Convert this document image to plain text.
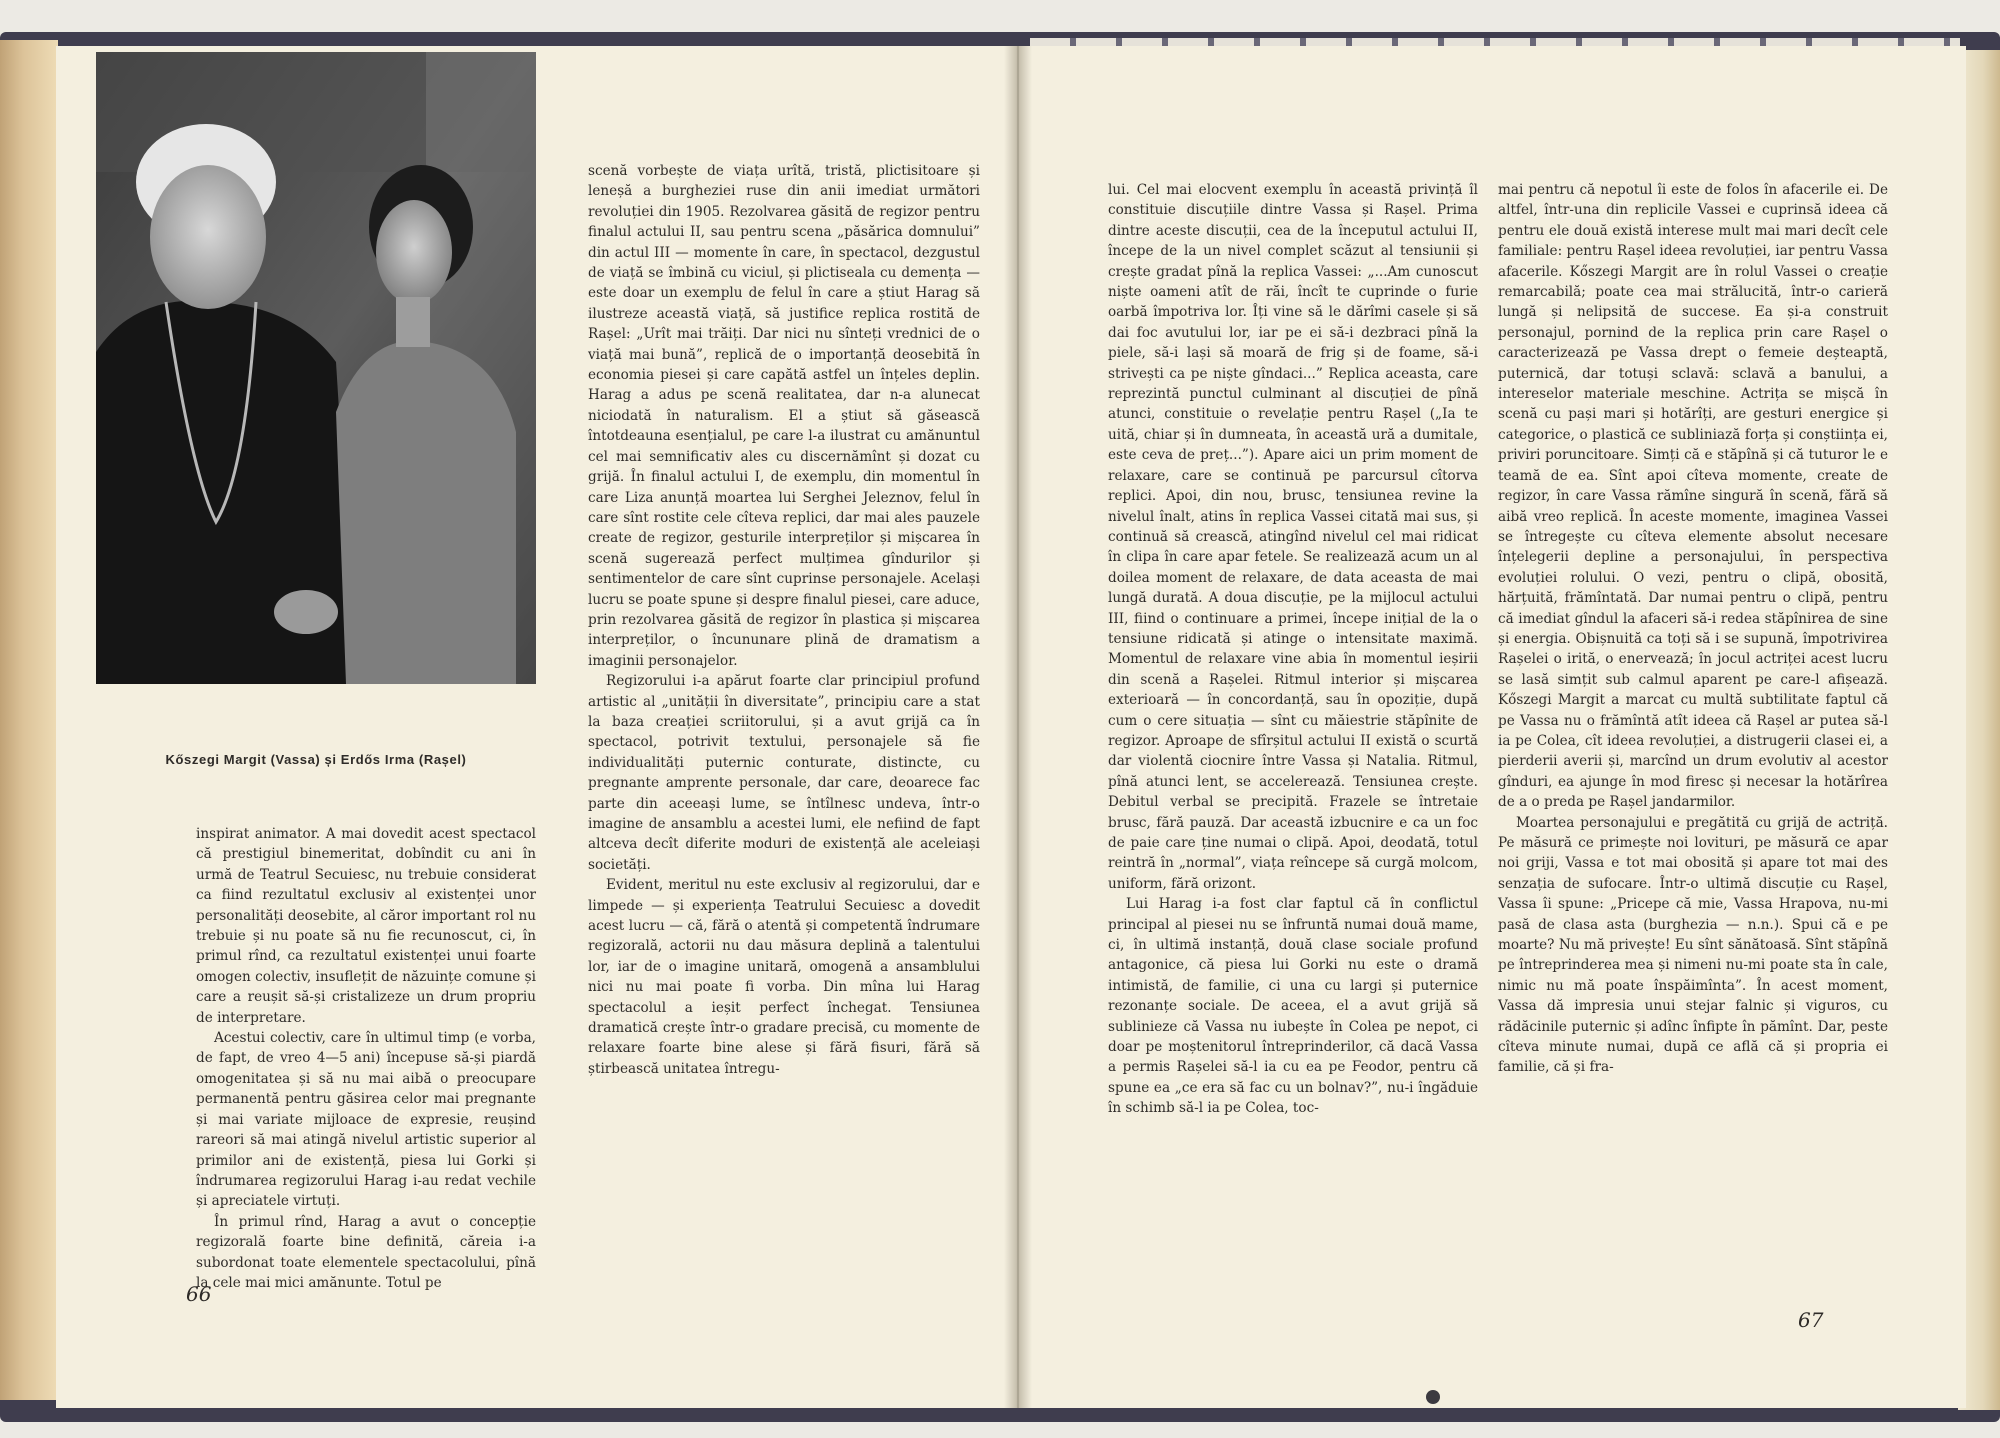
Kőszegi Margit (Vassa) și Erdős Irma (Rașel)

inspirat animator. A mai dovedit acest spectacol că prestigiul binemeritat, dobîndit cu ani în urmă de Teatrul Secuiesc, nu trebuie considerat ca fiind rezultatul exclusiv al existenței unor personalități deosebite, al căror important rol nu trebuie și nu poate să nu fie recunoscut, ci, în primul rînd, ca rezultatul existenței unui foarte omogen colectiv, insuflețit de năzuințe comune și care a reușit să-și cristalizeze un drum propriu de interpretare.

Acestui colectiv, care în ultimul timp (e vorba, de fapt, de vreo 4—5 ani) începuse să-și piardă omogenitatea și să nu mai aibă o preocupare permanentă pentru găsirea celor mai pregnante și mai variate mijloace de expresie, reușind rareori să mai atingă nivelul artistic superior al primilor ani de existență, piesa lui Gorki și îndrumarea regizorului Harag i-au redat vechile și apreciatele virtuți.

În primul rînd, Harag a avut o concepție regizorală foarte bine definită, căreia i-a subordonat toate elementele spectacolului, pînă la cele mai mici amănunte. Totul pe

scenă vorbește de viața urîtă, tristă, plictisitoare și leneșă a burgheziei ruse din anii imediat următori revoluției din 1905. Rezolvarea găsită de regizor pentru finalul actului II, sau pentru scena „păsărica domnului” din actul III — momente în care, în spectacol, dezgustul de viață se îmbină cu viciul, și plictiseala cu demența — este doar un exemplu de felul în care a știut Harag să ilustreze această viață, să justifice replica rostită de Rașel: „Urît mai trăiți. Dar nici nu sînteți vrednici de o viață mai bună”, replică de o importanță deosebită în economia piesei și care capătă astfel un înțeles deplin. Harag a adus pe scenă realitatea, dar n-a alunecat niciodată în naturalism. El a știut să găsească întotdeauna esențialul, pe care l-a ilustrat cu amănuntul cel mai semnificativ ales cu discernămînt și dozat cu grijă. În finalul actului I, de exemplu, din momentul în care Liza anunță moartea lui Serghei Jeleznov, felul în care sînt rostite cele cîteva replici, dar mai ales pauzele create de regizor, gesturile interpreților și mișcarea în scenă sugerează perfect mulțimea gîndurilor și sentimentelor de care sînt cuprinse personajele. Același lucru se poate spune și despre finalul piesei, care aduce, prin rezolvarea găsită de regizor în plastica și mișcarea interpreților, o încununare plină de dramatism a imaginii personajelor.

Regizorului i-a apărut foarte clar principiul profund artistic al „unității în diversitate”, principiu care a stat la baza creației scriitorului, și a avut grijă ca în spectacol, potrivit textului, personajele să fie individualități puternic conturate, distincte, cu pregnante amprente personale, dar care, deoarece fac parte din aceeași lume, se întîlnesc undeva, într-o imagine de ansamblu a acestei lumi, ele nefiind de fapt altceva decît diferite moduri de existență ale aceleiași societăți.

Evident, meritul nu este exclusiv al regizorului, dar e limpede — și experiența Teatrului Secuiesc a dovedit acest lucru — că, fără o atentă și competentă îndrumare regizorală, actorii nu dau măsura deplină a talentului lor, iar de o imagine unitară, omogenă a ansamblului nici nu mai poate fi vorba. Din mîna lui Harag spectacolul a ieșit perfect închegat. Tensiunea dramatică crește într-o gradare precisă, cu momente de relaxare foarte bine alese și fără fisuri, fără să știrbească unitatea întregu-

66

lui. Cel mai elocvent exemplu în această privință îl constituie discuțiile dintre Vassa și Rașel. Prima dintre aceste discuții, cea de la începutul actului II, începe de la un nivel complet scăzut al tensiunii și crește gradat pînă la replica Vassei: „...Am cunoscut niște oameni atît de răi, încît te cuprinde o furie oarbă împotriva lor. Îți vine să le dărîmi casele și să dai foc avutului lor, iar pe ei să-i dezbraci pînă la piele, să-i lași să moară de frig și de foame, să-i strivești ca pe niște gîndaci...” Replica aceasta, care reprezintă punctul culminant al discuției de pînă atunci, constituie o revelație pentru Rașel („Ia te uită, chiar și în dumneata, în această ură a dumitale, este ceva de preț...”). Apare aici un prim moment de relaxare, care se continuă pe parcursul cîtorva replici. Apoi, din nou, brusc, tensiunea revine la nivelul înalt, atins în replica Vassei citată mai sus, și continuă să crească, atingînd nivelul cel mai ridicat în clipa în care apar fetele. Se realizează acum un al doilea moment de relaxare, de data aceasta de mai lungă durată. A doua discuție, pe la mijlocul actului III, fiind o continuare a primei, începe inițial de la o tensiune ridicată și atinge o intensitate maximă. Momentul de relaxare vine abia în momentul ieșirii din scenă a Rașelei. Ritmul interior și mișcarea exterioară — în concordanță, sau în opoziție, după cum o cere situația — sînt cu măiestrie stăpînite de regizor. Aproape de sfîrșitul actului II există o scurtă dar violentă ciocnire între Vassa și Natalia. Ritmul, pînă atunci lent, se accelerează. Tensiunea crește. Debitul verbal se precipită. Frazele se întretaie brusc, fără pauză. Dar această izbucnire e ca un foc de paie care ține numai o clipă. Apoi, deodată, totul reintră în „normal”, viața reîncepe să curgă molcom, uniform, fără orizont.

Lui Harag i-a fost clar faptul că în conflictul principal al piesei nu se înfruntă numai două mame, ci, în ultimă instanță, două clase sociale profund antagonice, că piesa lui Gorki nu este o dramă intimistă, de familie, ci una cu largi și puternice rezonanțe sociale. De aceea, el a avut grijă să sublinieze că Vassa nu iubește în Colea pe nepot, ci doar pe moștenitorul întreprinderilor, că dacă Vassa a permis Rașelei să-l ia cu ea pe Feodor, pentru că spune ea „ce era să fac cu un bolnav?”, nu-i îngăduie în schimb să-l ia pe Colea, toc-

mai pentru că nepotul îi este de folos în afacerile ei. De altfel, într-una din replicile Vassei e cuprinsă ideea că pentru ele două există interese mult mai mari decît cele familiale: pentru Rașel ideea revoluției, iar pentru Vassa afacerile. Kőszegi Margit are în rolul Vassei o creație remarcabilă; poate cea mai strălucită, într-o carieră lungă și nelipsită de succese. Ea și-a construit personajul, pornind de la replica prin care Rașel o caracterizează pe Vassa drept o femeie deșteaptă, puternică, dar totuși sclavă: sclavă a banului, a intereselor materiale meschine. Actrița se mișcă în scenă cu pași mari și hotărîți, are gesturi energice și categorice, o plastică ce subliniază forța și conștiința ei, priviri poruncitoare. Simți că e stăpînă și că tuturor le e teamă de ea. Sînt apoi cîteva momente, create de regizor, în care Vassa rămîne singură în scenă, fără să aibă vreo replică. În aceste momente, imaginea Vassei se întregește cu cîteva elemente absolut necesare înțelegerii depline a personajului, în perspectiva evoluției rolului. O vezi, pentru o clipă, obosită, hărțuită, frămîntată. Dar numai pentru o clipă, pentru că imediat gîndul la afaceri să-i redea stăpînirea de sine și energia. Obișnuită ca toți să i se supună, împotrivirea Rașelei o irită, o enervează; în jocul actriței acest lucru se lasă simțit sub calmul aparent pe care-l afișează. Kőszegi Margit a marcat cu multă subtilitate faptul că pe Vassa nu o frămîntă atît ideea că Rașel ar putea să-l ia pe Colea, cît ideea revoluției, a distrugerii clasei ei, a pierderii averii și, marcînd un drum evolutiv al acestor gînduri, ea ajunge în mod firesc și necesar la hotărîrea de a o preda pe Rașel jandarmilor.

Moartea personajului e pregătită cu grijă de actriță. Pe măsură ce primește noi lovituri, pe măsură ce apar noi griji, Vassa e tot mai obosită și apare tot mai des senzația de sufocare. Într-o ultimă discuție cu Rașel, Vassa îi spune: „Pricepe că mie, Vassa Hrapova, nu-mi pasă de clasa asta (burghezia — n.n.). Spui că e pe moarte? Nu mă privește! Eu sînt sănătoasă. Sînt stăpînă pe întreprinderea mea și nimeni nu-mi poate sta în cale, nimic nu mă poate înspăimînta”. În acest moment, Vassa dă impresia unui stejar falnic și viguros, cu rădăcinile puternic și adînc înfipte în pămînt. Dar, peste cîteva minute numai, după ce află că și propria ei familie, că și fra-

67
